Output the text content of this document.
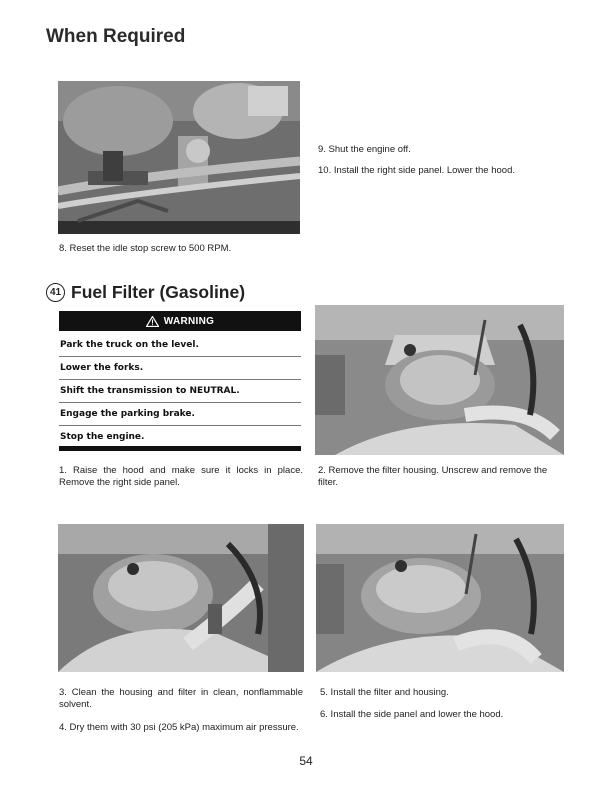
When Required
9. Shut the engine off.
10. Install the right side panel. Lower the hood.
8. Reset the idle stop screw to 500 RPM.
41 Fuel Filter (Gasoline)
WARNING
Park the truck on the level.
Lower the forks.
Shift the transmission to NEUTRAL.
Engage the parking brake.
Stop the engine.
1. Raise the hood and make sure it locks in place. Remove the right side panel.
2. Remove the filter housing. Unscrew and remove the filter.
3. Clean the housing and filter in clean, nonflammable solvent.
4. Dry them with 30 psi (205 kPa) maximum air pressure.
5. Install the filter and housing.
6. Install the side panel and lower the hood.
54
